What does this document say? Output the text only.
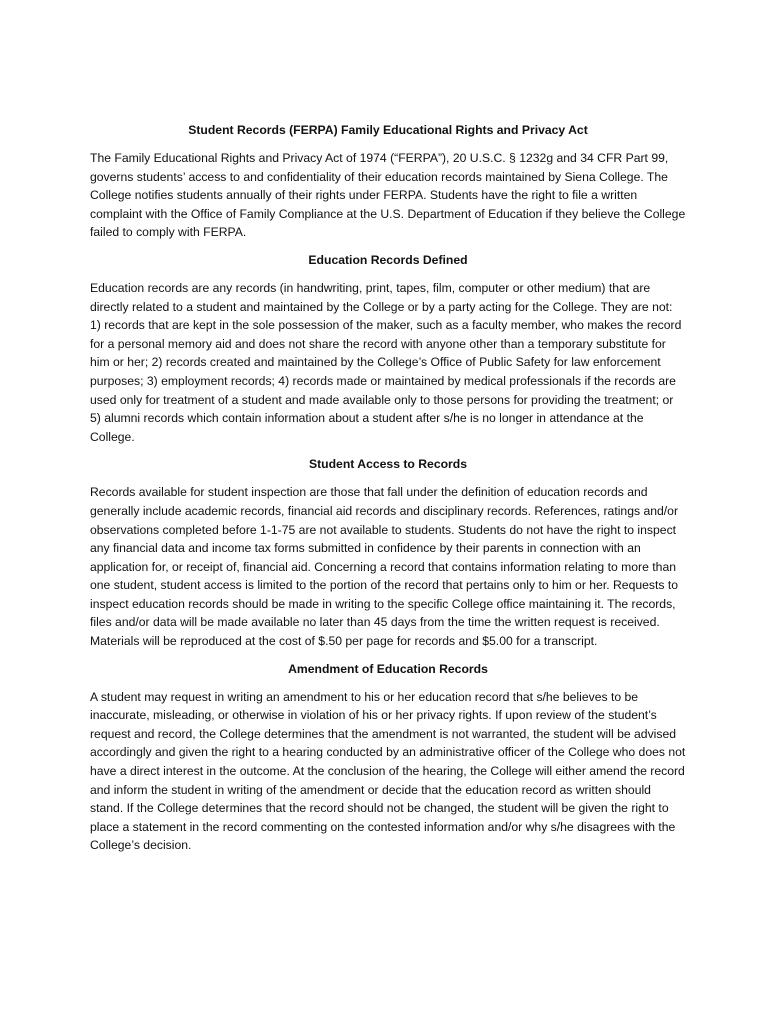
Student Records (FERPA) Family Educational Rights and Privacy Act

The Family Educational Rights and Privacy Act of 1974 (“FERPA”), 20 U.S.C. § 1232g and 34 CFR Part 99, governs students’ access to and confidentiality of their education records maintained by Siena College. The College notifies students annually of their rights under FERPA. Students have the right to file a written complaint with the Office of Family Compliance at the U.S. Department of Education if they believe the College failed to comply with FERPA.

Education Records Defined

Education records are any records (in handwriting, print, tapes, film, computer or other medium) that are directly related to a student and maintained by the College or by a party acting for the College. They are not: 1) records that are kept in the sole possession of the maker, such as a faculty member, who makes the record for a personal memory aid and does not share the record with anyone other than a temporary substitute for him or her; 2) records created and maintained by the College’s Office of Public Safety for law enforcement purposes; 3) employment records; 4) records made or maintained by medical professionals if the records are used only for treatment of a student and made available only to those persons for providing the treatment; or 5) alumni records which contain information about a student after s/he is no longer in attendance at the College.

Student Access to Records

Records available for student inspection are those that fall under the definition of education records and generally include academic records, financial aid records and disciplinary records. References, ratings and/or observations completed before 1-1-75 are not available to students. Students do not have the right to inspect any financial data and income tax forms submitted in confidence by their parents in connection with an application for, or receipt of, financial aid. Concerning a record that contains information relating to more than one student, student access is limited to the portion of the record that pertains only to him or her. Requests to inspect education records should be made in writing to the specific College office maintaining it. The records, files and/or data will be made available no later than 45 days from the time the written request is received. Materials will be reproduced at the cost of $.50 per page for records and $5.00 for a transcript.

Amendment of Education Records

A student may request in writing an amendment to his or her education record that s/he believes to be inaccurate, misleading, or otherwise in violation of his or her privacy rights. If upon review of the student’s request and record, the College determines that the amendment is not warranted, the student will be advised accordingly and given the right to a hearing conducted by an administrative officer of the College who does not have a direct interest in the outcome. At the conclusion of the hearing, the College will either amend the record and inform the student in writing of the amendment or decide that the education record as written should stand. If the College determines that the record should not be changed, the student will be given the right to place a statement in the record commenting on the contested information and/or why s/he disagrees with the College’s decision.
